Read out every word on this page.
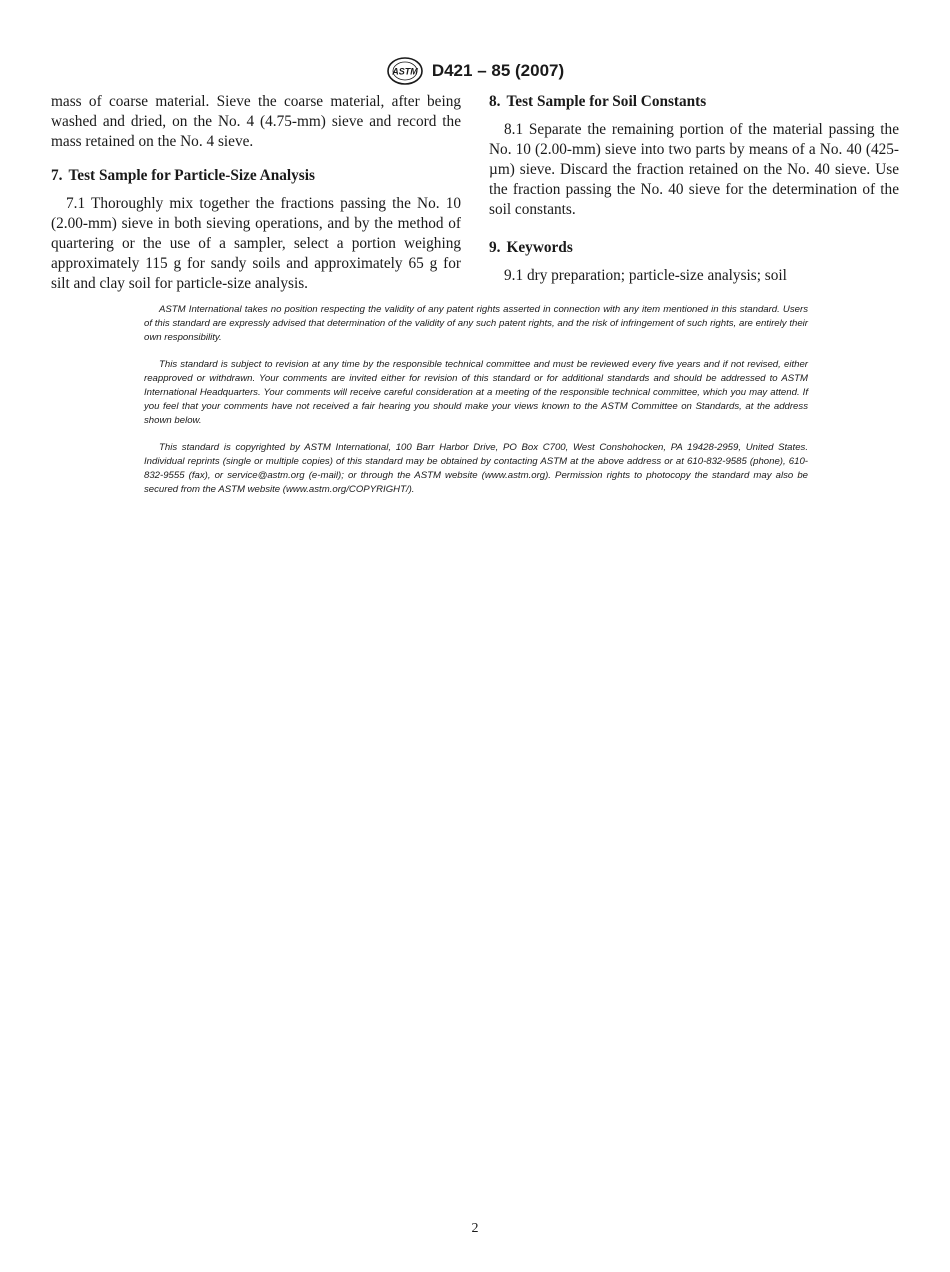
ASTM D421 – 85 (2007)

mass of coarse material. Sieve the coarse material, after being washed and dried, on the No. 4 (4.75-mm) sieve and record the mass retained on the No. 4 sieve.

7. Test Sample for Particle-Size Analysis

7.1 Thoroughly mix together the fractions passing the No. 10 (2.00-mm) sieve in both sieving operations, and by the method of quartering or the use of a sampler, select a portion weighing approximately 115 g for sandy soils and approximately 65 g for silt and clay soil for particle-size analysis.

8. Test Sample for Soil Constants

8.1 Separate the remaining portion of the material passing the No. 10 (2.00-mm) sieve into two parts by means of a No. 40 (425-µm) sieve. Discard the fraction retained on the No. 40 sieve. Use the fraction passing the No. 40 sieve for the determination of the soil constants.

9. Keywords

9.1 dry preparation; particle-size analysis; soil

ASTM International takes no position respecting the validity of any patent rights asserted in connection with any item mentioned in this standard. Users of this standard are expressly advised that determination of the validity of any such patent rights, and the risk of infringement of such rights, are entirely their own responsibility.

This standard is subject to revision at any time by the responsible technical committee and must be reviewed every five years and if not revised, either reapproved or withdrawn. Your comments are invited either for revision of this standard or for additional standards and should be addressed to ASTM International Headquarters. Your comments will receive careful consideration at a meeting of the responsible technical committee, which you may attend. If you feel that your comments have not received a fair hearing you should make your views known to the ASTM Committee on Standards, at the address shown below.

This standard is copyrighted by ASTM International, 100 Barr Harbor Drive, PO Box C700, West Conshohocken, PA 19428-2959, United States. Individual reprints (single or multiple copies) of this standard may be obtained by contacting ASTM at the above address or at 610-832-9585 (phone), 610-832-9555 (fax), or service@astm.org (e-mail); or through the ASTM website (www.astm.org). Permission rights to photocopy the standard may also be secured from the ASTM website (www.astm.org/COPYRIGHT/).

2
